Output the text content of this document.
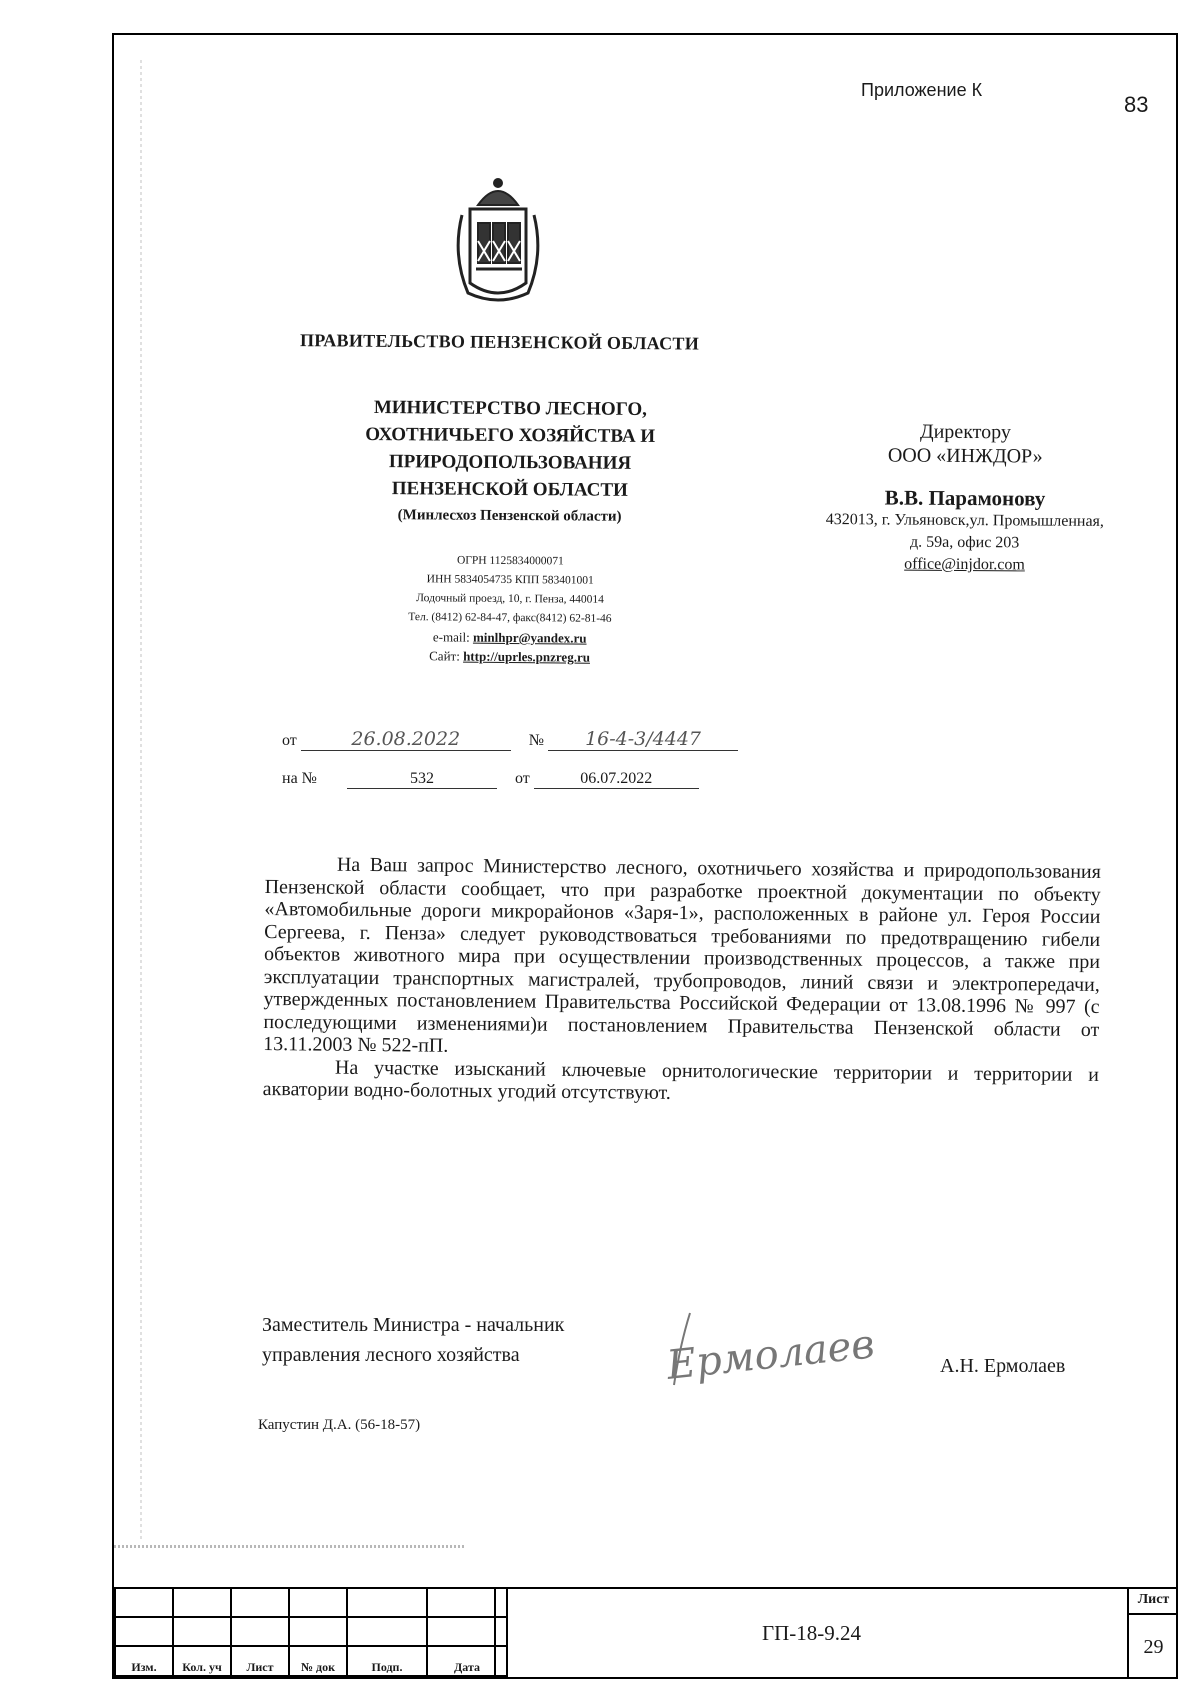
Приложение К
83
ПРАВИТЕЛЬСТВО ПЕНЗЕНСКОЙ ОБЛАСТИ
МИНИСТЕРСТВО ЛЕСНОГО,
ОХОТНИЧЬЕГО ХОЗЯЙСТВА И
ПРИРОДОПОЛЬЗОВАНИЯ
ПЕНЗЕНСКОЙ ОБЛАСТИ
(Минлесхоз Пензенской области)
ОГРН 1125834000071
ИНН 5834054735 КПП 583401001
Лодочный проезд, 10, г. Пенза, 440014
Тел. (8412) 62-84-47, факс(8412) 62-81-46
e-mail: minlhpr@yandex.ru
Сайт: http://uprles.pnzreg.ru
Директору
ООО «ИНЖДОР»
В.В. Парамонову
432013, г. Ульяновск,ул. Промышленная,
д. 59а, офис 203
office@injdor.com
от	26.08.2022	№ 16-4-3/4447
на №	532	от	06.07.2022

На Ваш запрос Министерство лесного, охотничьего хозяйства и природопользования Пензенской области сообщает, что при разработке проектной документации по объекту «Автомобильные дороги микрорайонов «Заря-1», расположенных в районе ул. Героя России Сергеева, г. Пенза» следует руководствоваться требованиями по предотвращению гибели объектов животного мира при осуществлении производственных процессов, а также при эксплуатации транспортных магистралей, трубопроводов, линий связи и электропередачи, утвержденных постановлением Правительства Российской Федерации от 13.08.1996 № 997 (с последующими изменениями)и постановлением Правительства Пензенской области от 13.11.2003 № 522-пП.

На участке изысканий ключевые орнитологические территории и территории и акватории водно-болотных угодий отсутствуют.

Заместитель Министра - начальник
управления лесного хозяйства	Ермолаев	А.Н. Ермолаев
Капустин Д.А. (56-18-57)

Изм.	Кол. уч	Лист	№ док	Подп.	Дата
ГП-18-9.24
Лист
29
